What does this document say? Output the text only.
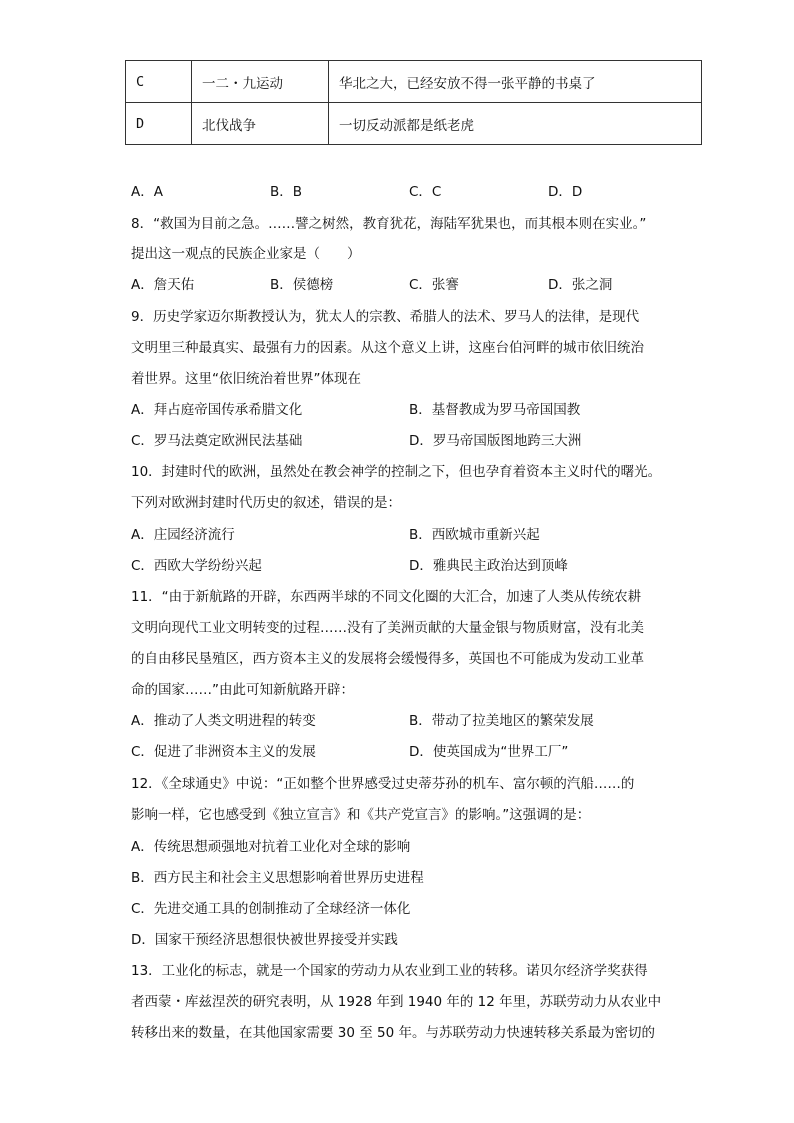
C	一二・九运动	华北之大，已经安放不得一张平静的书桌了
D	北伐战争	一切反动派都是纸老虎
A．A	B．B	C．C	D．D
8．“救国为目前之急。……譬之树然，教育犹花，海陆军犹果也，而其根本则在实业。”
提出这一观点的民族企业家是（　　）
A．詹天佑	B．侯德榜	C．张謇	D．张之洞
9．历史学家迈尔斯教授认为，犹太人的宗教、希腊人的法术、罗马人的法律，是现代
文明里三种最真实、最强有力的因素。从这个意义上讲，这座台伯河畔的城市依旧统治
着世界。这里“依旧统治着世界”体现在
A．拜占庭帝国传承希腊文化	B．基督教成为罗马帝国国教
C．罗马法奠定欧洲民法基础	D．罗马帝国版图地跨三大洲
10．封建时代的欧洲，虽然处在教会神学的控制之下，但也孕育着资本主义时代的曙光。
下列对欧洲封建时代历史的叙述，错误的是：
A．庄园经济流行	B．西欧城市重新兴起
C．西欧大学纷纷兴起	D．雅典民主政治达到顶峰
11．“由于新航路的开辟，东西两半球的不同文化圈的大汇合，加速了人类从传统农耕
文明向现代工业文明转变的过程……没有了美洲贡献的大量金银与物质财富，没有北美
的自由移民垦殖区，西方资本主义的发展将会缓慢得多，英国也不可能成为发动工业革
命的国家……”由此可知新航路开辟：
A．推动了人类文明进程的转变	B．带动了拉美地区的繁荣发展
C．促进了非洲资本主义的发展	D．使英国成为“世界工厂”
12．《全球通史》中说：“正如整个世界感受过史蒂芬孙的机车、富尔顿的汽船……的
影响一样，它也感受到《独立宣言》和《共产党宣言》的影响。”这强调的是：
A．传统思想顽强地对抗着工业化对全球的影响
B．西方民主和社会主义思想影响着世界历史进程
C．先进交通工具的创制推动了全球经济一体化
D．国家干预经济思想很快被世界接受并实践
13．工业化的标志，就是一个国家的劳动力从农业到工业的转移。诺贝尔经济学奖获得
者西蒙・库兹涅茨的研究表明，从 1928 年到 1940 年的 12 年里，苏联劳动力从农业中
转移出来的数量，在其他国家需要 30 至 50 年。与苏联劳动力快速转移关系最为密切的
